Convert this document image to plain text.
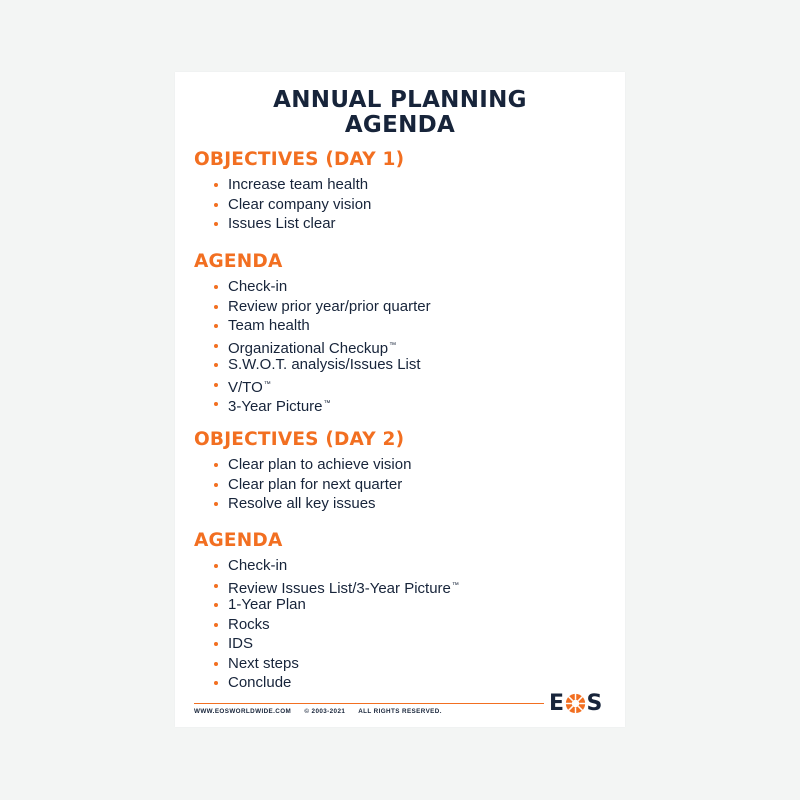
ANNUAL PLANNING
AGENDA
OBJECTIVES (DAY 1)
Increase team health
Clear company vision
Issues List clear
AGENDA
Check-in
Review prior year/prior quarter
Team health
Organizational Checkup™
S.W.O.T. analysis/Issues List
V/TO™
3-Year Picture™
OBJECTIVES (DAY 2)
Clear plan to achieve vision
Clear plan for next quarter
Resolve all key issues
AGENDA
Check-in
Review Issues List/3-Year Picture™
1-Year Plan
Rocks
IDS
Next steps
Conclude
WWW.EOSWORLDWIDE.COM © 2003-2021 ALL RIGHTS RESERVED.	E S
